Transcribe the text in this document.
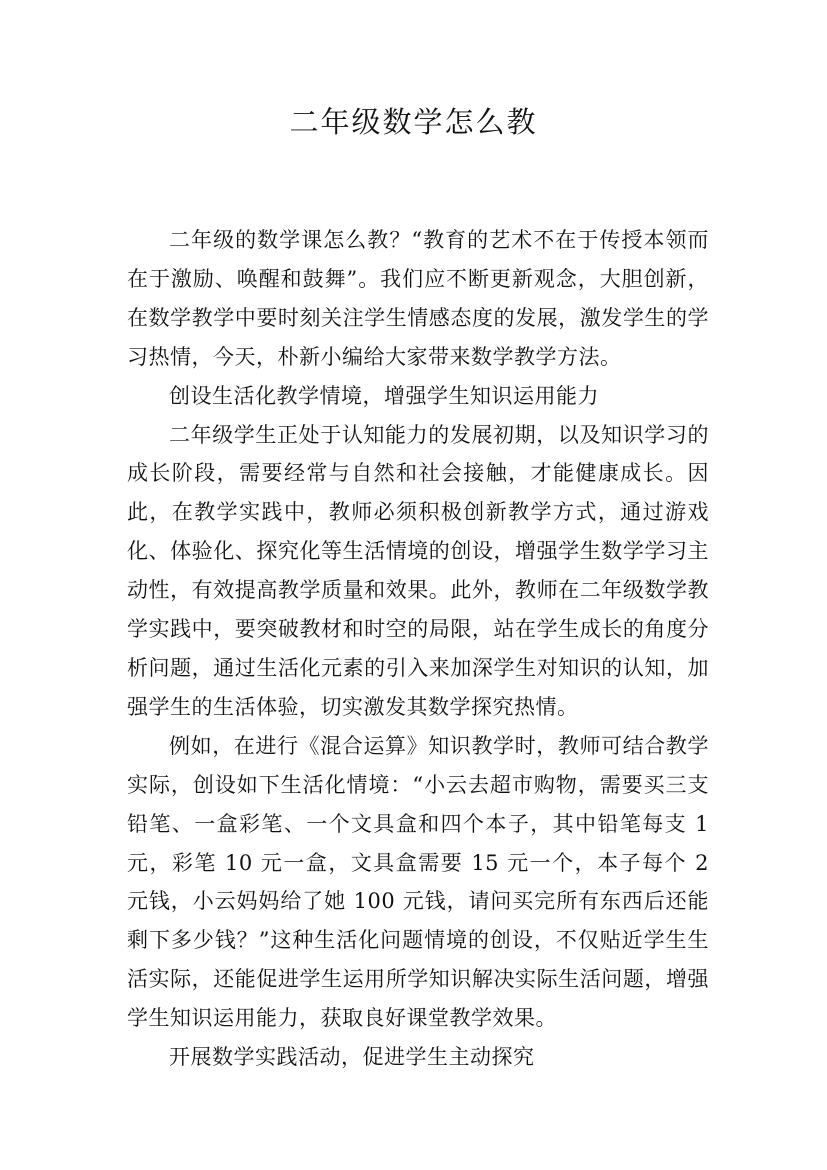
二年级数学怎么教

二年级的数学课怎么教？“教育的艺术不在于传授本领而在于激励、唤醒和鼓舞”。我们应不断更新观念，大胆创新，在数学教学中要时刻关注学生情感态度的发展，激发学生的学习热情，今天，朴新小编给大家带来数学教学方法。

创设生活化教学情境，增强学生知识运用能力

二年级学生正处于认知能力的发展初期，以及知识学习的成长阶段，需要经常与自然和社会接触，才能健康成长。因此，在教学实践中，教师必须积极创新教学方式，通过游戏化、体验化、探究化等生活情境的创设，增强学生数学学习主动性，有效提高教学质量和效果。此外，教师在二年级数学教学实践中，要突破教材和时空的局限，站在学生成长的角度分析问题，通过生活化元素的引入来加深学生对知识的认知，加强学生的生活体验，切实激发其数学探究热情。

例如，在进行《混合运算》知识教学时，教师可结合教学实际，创设如下生活化情境：“小云去超市购物，需要买三支铅笔、一盒彩笔、一个文具盒和四个本子，其中铅笔每支 1 元，彩笔 10 元一盒，文具盒需要 15 元一个，本子每个 2 元钱，小云妈妈给了她 100 元钱，请问买完所有东西后还能剩下多少钱？”这种生活化问题情境的创设，不仅贴近学生生活实际，还能促进学生运用所学知识解决实际生活问题，增强学生知识运用能力，获取良好课堂教学效果。

开展数学实践活动，促进学生主动探究
